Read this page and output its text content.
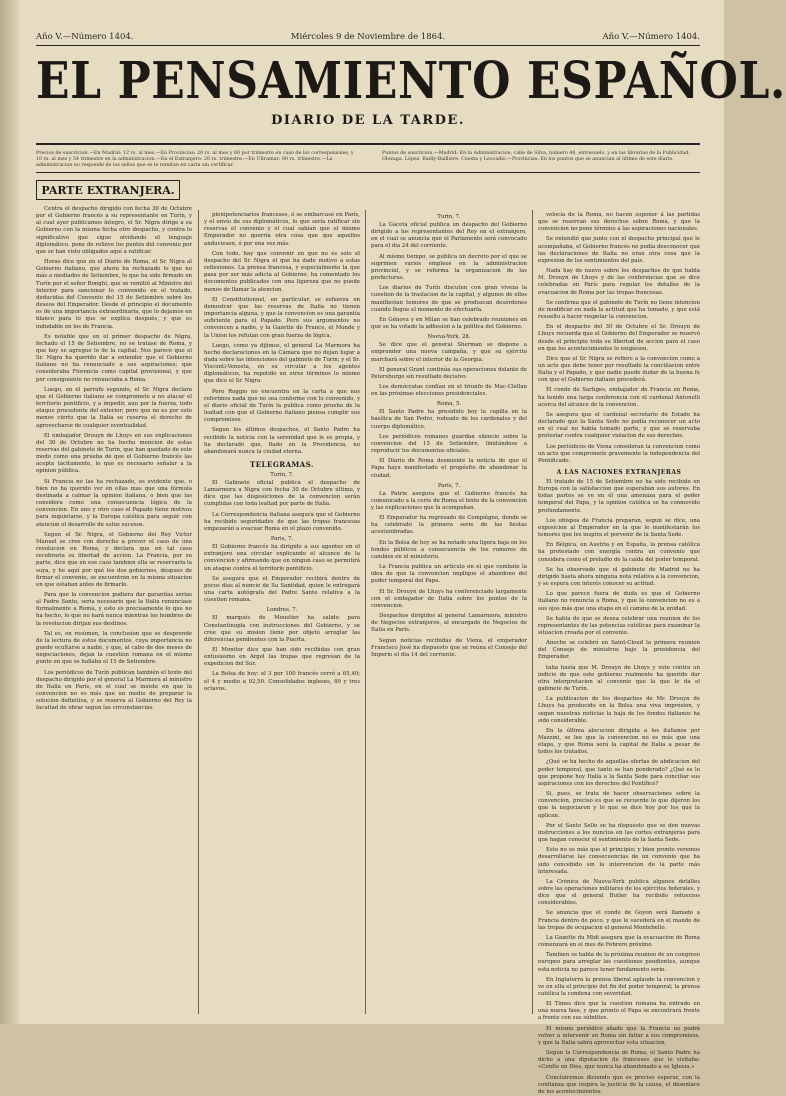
Año V.—Número 1404.	Miércoles 9 de Noviembre de 1864.	Año V.—Número 1404.
EL PENSAMIENTO ESPAÑOL.
DIARIO DE LA TARDE.
Precios de suscricion.—En Madrid: 12 rs. al mes.—En Provincias: 20 rs. al mes y 60 por trimestre en caso de los corresponsales, y 10 rs. al mes y 54 trimestre en la administracion.—En el Extranjero: 20 rs. trimestre.—En Ultramar: 90 rs. trimestre.—La administracion no responde de los sellos que se le remitan en carta sin certificar.
Puntos de suscricion.—Madrid: En la Administracion, calle de Silva, número 40, entresuelo, y en las librerías de la Publicidad, Olozaga, López, Bailly-Bailliere, Cuesta y Leocadio.—Provincias: En los puntos que se anuncian al último de este diario.
PARTE EXTRANJERA.

Centra el despacho dirigido con fecha 30 de Octubre por el Gobierno francés a su representante en Turín, y al cual ayer publicamos íntegro, el Sr. Nigra dirige a su Gobierno con la misma fecha otro despacho, y contra lo significativo que sigue olvidando el lenguaje diplomático, pone de relieve los puntos del convenio por que se han visto obligados aquí a ratificar.

Horas dice que en el Diario de Roma, el Sr. Nigra al Gobierno italiano, que ahora ha rechazado lo que no más a mediados de Setiembre, lo que ha sido firmado en Turín por el señor Bonghi, que se remitió al Ministro del Interior para sancionar lo convenido en el tratado, deducidas del Convenio del 15 de Setiembre sobre los deseos del Emperador. Desde el principio el documento es de una importancia extraordinaria, que lo dejamos en blanco para lo que se explica después, y que es indudable en los de Francia.

Es notable que en el primer despacho de Nigra, fechado el 15 de Setiembre, no se tratase de Roma, y que hoy se agregue lo de la capital. Nos parece que el Sr. Nigra ha querido dar a entender que el Gobierno italiano no ha renunciado a sus aspiraciones; que consideraba Florencia como capital provisional, y que por consiguiente no renunciaba a Roma.

Luego, en el parrafo segundo, el Sr. Nigra declara que el Gobierno italiano se compromete a no atacar el territorio pontificio, y a impedir, aun por la fuerza, todo ataque procedente del exterior; pero que no es por esto menos cierto que la Italia se reserva el derecho de aprovecharse de cualquier eventualidad.

El embajador Drouyn de Lhuys en sus explicaciones del 30 de Octubre no ha hecho mencion de estas reservas del gabinete de Turín, que han quedado de este modo como una prueba de que el Gobierno francés las acepta tácitamente, lo que es necesario señalar a la opinion pública.

Si Francia no las ha rechazado, es evidente que, o bien no ha querido ver en ellas mas que una fórmula destinada a calmar la opinion italiana, o bien que las considera como una consecuencia lógica de la convencion. En uno y otro caso el Papado tiene motivos para inquietarse, y la Europa católica para seguir con atencion el desarrollo de estos sucesos.

Segun el Sr. Nigra, el Gobierno del Rey Victor Manuel se cree con derecho a prever el caso de una revolucion en Roma, y declara que en tal caso recobraria su libertad de accion. La Francia, por su parte, dice que en ese caso tambien ella se reservaria la suya, y he aquí por qué los dos gobiernos, despues de firmar el convenio, se encuentran en la misma situacion en que estaban antes de firmarlo.

Para que la convencion pudiera dar garantías serias al Padre Santo, seria necesario que la Italia renunciase formalmente a Roma, y esto es precisamente lo que no ha hecho, lo que no hará nunca mientras los hombres de la revolucion dirijan sus destinos.

Tal es, en resúmen, la conclusion que se desprende de la lectura de estos documentos, cuya importancia no puede ocultarse a nadie, y que, al cabo de dos meses de negociaciones, dejan la cuestion romana en el mismo punto en que se hallaba el 15 de Setiembre.

Los periódicos de Turín publican también el texto del despacho dirigido por el general La Marmora al ministro de Italia en París, en el cual se insiste en que la convencion no es más que un medio de preparar la solucion definitiva, y se reserva al Gobierno del Rey la facultad de obrar segun las circunstancias.

plenipotenciarios franceses, ó se embarcase en París, y el envío de sus diplomáticos, lo que sería ratificar sin reservas el convenio y el cual sabían que el mismo Emperador no querría otra cosa que que aquellos anduviesen, ó por una vez más.

Con todo, hay que convenir en que no es solo el despacho del Sr. Nigra el que ha dado motivo a estas reflexiones. La prensa francesa, y especialmente la que pasa por ser más adicta al Gobierno, ha comentado los documentos publicados con una ligereza que no puede menos de llamar la atencion.

El Constitutionnel, en particular, se esfuerza en demostrar que las reservas de Italia no tienen importancia alguna, y que la convencion es una garantía suficiente para el Papado. Pero sus argumentos no convencen a nadie, y la Gazette de France, el Monde y la Union los refutan con gran fuerza de lógica.

Luego, como ya dijimos, el general La Marmora ha hecho declaraciones en la Cámara que no dejan lugar a duda sobre las intenciones del gabinete de Turín; y el Sr. Visconti-Venosta, en su circular a los agentes diplomáticos, ha repetido en otros términos lo mismo que dice el Sr. Nigra.

Pero Roggio no encuentra en la carta a que nos referimos nada que no sea conforme con lo convenido, y el diario oficial de Turín la publica como prueba de la lealtad con que el Gobierno italiano piensa cumplir sus compromisos.

Segun los últimos despachos, el Santo Padre ha recibido la noticia con la serenidad que le es propia, y ha declarado que, fiado en la Providencia, no abandonará nunca la ciudad eterna.

TELEGRAMAS.
Turin, 7.

El Gabinete oficial publica el despacho de Lamarmora a Nigra con fecha 30 de Octubre último, y dice que las disposiciones de la convencion serán cumplidas con toda lealtad por parte de Italia.

La Correspondencia italiana asegura que el Gobierno ha recibido seguridades de que las tropas francesas empezarán a evacuar Roma en el plazo convenido.

Paris, 7.

El Gobierno francés ha dirigido a sus agentes en el extranjero una circular explicando el alcance de la convencion y afirmando que en ningun caso se permitirá un ataque contra el territorio pontificio.

Se asegura que el Emperador recibirá dentro de pocos días al nuncio de Su Santidad, quien le entregará una carta autógrafa del Padre Santo relativa a la cuestion romana.

Londres, 7.

El marqués de Moustier ha salido para Constantinopla con instrucciones del Gobierno, y se cree que su mision tiene por objeto arreglar las diferencias pendientes con la Puerta.

El Monitor dice que han sido recibidas con gran entusiasmo en Argel las tropas que regresan de la expedicion del Sur.

La Bolsa de hoy: el 3 por 100 francés cerró a 65,40; el 4 y medio a 92,50. Consolidados ingleses, 89 y tres octavos.

Turin, 7.

La Gaceta oficial publica un despacho del Gobierno dirigido a los representantes del Rey en el extranjero, en el cual se anuncia que el Parlamento será convocado para el dia 24 del corriente.

Al mismo tiempo, se publica un decreto por el que se suprimen varios empleos en la administracion provincial, y se reforma la organizacion de las prefecturas.

Los diarios de Turín discuten con gran viveza la cuestion de la traslacion de la capital, y algunos de ellos manifiestan temores de que se produzcan desórdenes cuando llegue el momento de efectuarla.

En Génova y en Milan se han celebrado reuniones en que se ha votado la adhesion a la política del Gobierno.

Nueva-York, 28.

Se dice que el general Sherman se dispone a emprender una nueva campaña, y que su ejército marchará sobre el interior de la Georgia.

El general Grant continúa sus operaciones delante de Petersburgo sin resultado decisivo.

Los demócratas confían en el triunfo de Mac-Clellan en las próximas elecciones presidenciales.

Roma, 5.

El Santo Padre ha presidido hoy la capilla en la basílica de San Pedro, rodeado de los cardenales y del cuerpo diplomático.

Los periódicos romanos guardan silencio sobre la convencion del 15 de Setiembre, limitándose a reproducir los documentos oficiales.

El Diario de Roma desmiente la noticia de que el Papa haya manifestado el propósito de abandonar la ciudad.

Paris, 7.

La Patrie asegura que el Gobierno francés ha comunicado a la corte de Roma el texto de la convencion y las explicaciones que la acompañan.

El Emperador ha regresado de Compiègne, donde se ha celebrado la primera serie de las fiestas acostumbradas.

En la Bolsa de hoy se ha notado una ligera baja en los fondos públicos a consecuencia de los rumores de cambios en el ministerio.

La Francia publica un artículo en el que combate la idea de que la convencion implique el abandono del poder temporal del Papa.

El Sr. Drouyn de Lhuys ha conferenciado largamente con el embajador de Italia sobre los puntos de la convencion.

Despachos dirigidos al general Lamarmora, ministro de Negocios extranjeros, al encargado de Negocios de Italia en París.

Segun noticias recibidas de Viena, el emperador Francisco José ha dispuesto que se reúna el Consejo del Imperio el dia 14 del corriente.

velocia de la Roma, no hacen suponer á las partidas que se reservan sus derechos sobre Roma, y que la convencion no pone término a las aspiraciones nacionales.

Se entendió que junto con el despacho principal que le acompañaba, el Gobierno francés no podía desconocer que las declaraciones de Italia no eran otra cosa que la expresion de los sentimientos del país.

Nada hay de nuevo sobre los despachos de que habla M. Drouyn de Lhuys y de las conferencias que se dice celebradas en París para regular los detalles de la evacuacion de Roma por las tropas francesas.

Se confirma que el gabinete de Turín no tiene intencion de modificar en nada la actitud que ha tomado, y que está resuelto a hacer respetar la convencion.

En el despacho del 30 de Octubre el Sr. Drouyn de Lhuys recuerda que el Gobierno del Emperador se reservó desde el principio toda su libertad de accion para el caso en que los acontecimientos lo exigiesen.

Dice que el Sr. Nigra se refiere a la convencion como a un acto que debe tener por resultado la conciliacion entre Italia y el Papado, y que nadie puede dudar de la buena fe con que el Gobierno italiano procederá.

El conde de Sartiges, embajador de Francia en Roma, ha tenido una larga conferencia con el cardenal Antonelli acerca del alcance de la convencion.

Se asegura que el cardenal secretario de Estado ha declarado que la Santa Sede no podía reconocer un acto en el cual no había tomado parte, y que se reservaba protestar contra cualquier violacion de sus derechos.

Los periódicos de Viena consideran la convencion como un acto que compromete gravemente la independencia del Pontificado.

A LAS NACIONES EXTRANJERAS

El tratado de 15 de Setiembre no ha sido recibido en Europa con la satisfaccion que esperaban sus autores. En todas partes se ve en él una amenaza para el poder temporal del Papa, y la opinion católica se ha conmovido profundamente.

Los obispos de Francia preparan, segun se dice, una exposicion al Emperador en la que le manifestarán los temores que les inspira el porvenir de la Santa Sede.

En Bélgica, en Austria y en España, la prensa católica ha protestado con energía contra un convenio que considera como el preludio de la caída del poder temporal.

Se ha observado que el gabinete de Madrid no ha dirigido hasta ahora ninguna nota relativa a la convencion, y se espera con interés conocer su actitud.

Lo que parece fuera de duda es que el Gobierno italiano no renuncia a Roma, y que la convencion no es a sus ojos más que una etapa en el camino de la unidad.

Se habla de que se desea celebrar una reunion de los representantes de las potencias católicas para examinar la situacion creada por el convenio.

Anoche se celebró en Saint-Cloud la primera reunion del Consejo de ministros bajo la presidencia del Emperador.

talia hasta que M. Drouyn de Lhuys y vote contra un indicio de que este gobierno realmente ha querido dar otra interpretacion al convenio que la que le da el gabinete de Turín.

La publicacion de los despachos de Mr. Drouyn de Lhuys ha producido en la Bolsa una viva impresion, y segun nuestras noticias la baja de los fondos italianos ha sido considerable.

En la última alocucion dirigida a los italianos por Mazzini, se lee que la convencion no es más que una etapa, y que Roma será la capital de Italia a pesar de todos los tratados.

¿Qué se ha hecho de aquellas ofertas de abdicacion del poder temporal, que tanto se han ponderado? ¿Qué es lo que propone hoy Italia a la Santa Sede para conciliar sus aspiraciones con los derechos del Pontífice?

Si, pues, se trata de hacer observaciones sobre la convencion, preciso es que se recuerde lo que dijeron los que la negociaron y lo que se dice hoy por los que la aplican.

Por el Santo Sello se ha dispuesto que se den nuevas instrucciones a los nuncios en las cortes extranjeras para que hagan conocer el sentimiento de la Santa Sede.

Esto no es más que el principio; y bien pronto veremos desarrollarse las consecuencias de un convenio que ha sido concebido sin la intervencion de la parte más interesada.

La Crónica de Nueva-York publica algunos detalles sobre las operaciones militares de los ejércitos federales, y dice que el general Butler ha recibido refuerzos considerables.

Se anuncia que el conde de Goyon será llamado a Francia dentro de poco, y que le sucederá en el mando de las tropas de ocupacion el general Montebello.

La Gazette du Midi asegura que la evacuacion de Roma comenzará en el mes de Febrero próximo.

Tambien se habla de la próxima reunion de un congreso europeo para arreglar las cuestiones pendientes, aunque esta noticia no parece tener fundamento serio.

En Inglaterra la prensa liberal aplaude la convencion y ve en ella el principio del fin del poder temporal; la prensa católica la condena con severidad.

El Times dice que la cuestion romana ha entrado en una nueva fase, y que pronto el Papa se encontrará frente a frente con sus súbditos.

El mismo periódico añade que la Francia no podrá volver a intervenir en Roma sin faltar a sus compromisos, y que la Italia sabrá aprovechar esta situacion.

Segun la Correspondencia de Roma, el Santo Padre ha dicho a una diputacion de franceses que le visitaba: «Confío en Dios, que nunca ha abandonado a su Iglesia.»

Concluiremos diciendo que es preciso esperar, con la confianza que inspira la justicia de la causa, el desenlace de los acontecimientos.
